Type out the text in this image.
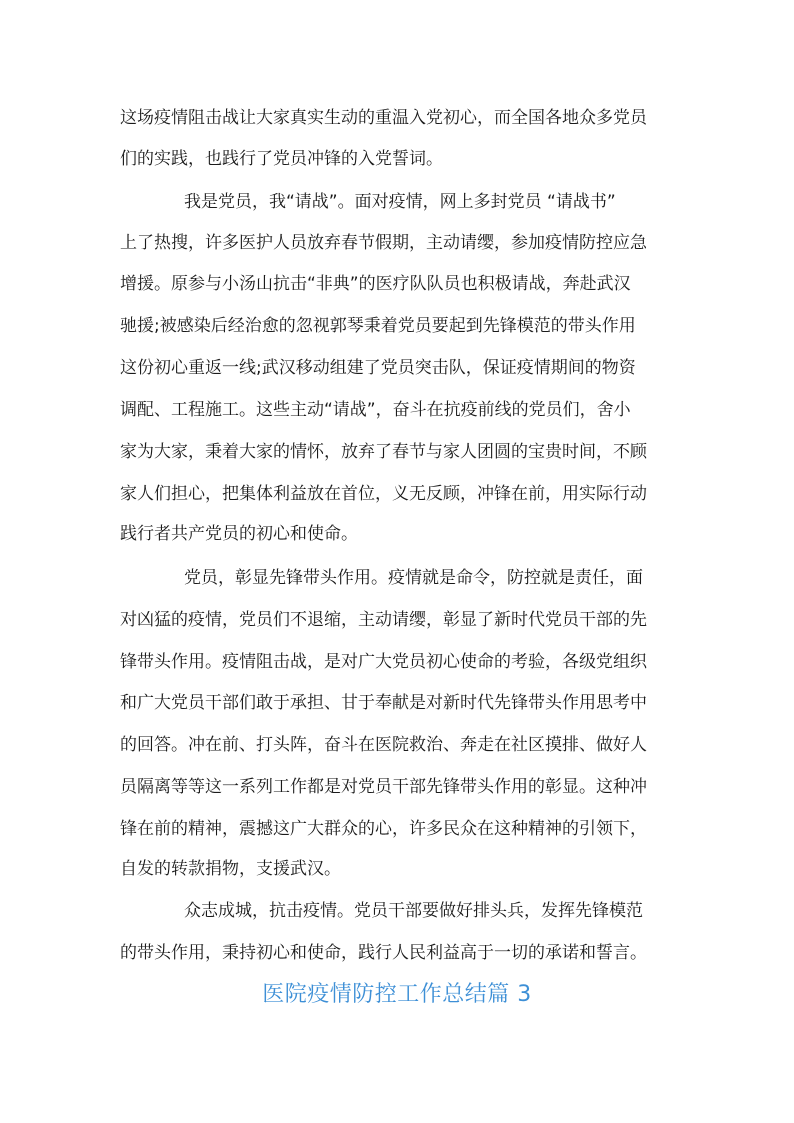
这场疫情阻击战让大家真实生动的重温入党初心，而全国各地众多党员
们的实践，也践行了党员冲锋的入党誓词。
我是党员，我“请战”。面对疫情，网上多封党员 “请战书”
上了热搜，许多医护人员放弃春节假期，主动请缨，参加疫情防控应急
增援。原参与小汤山抗击“非典”的医疗队队员也积极请战，奔赴武汉
驰援;被感染后经治愈的忽视郭琴秉着党员要起到先锋模范的带头作用
这份初心重返一线;武汉移动组建了党员突击队，保证疫情期间的物资
调配、工程施工。这些主动“请战”，奋斗在抗疫前线的党员们，舍小
家为大家，秉着大家的情怀，放弃了春节与家人团圆的宝贵时间，不顾
家人们担心，把集体利益放在首位，义无反顾，冲锋在前，用实际行动
践行者共产党员的初心和使命。
党员，彰显先锋带头作用。疫情就是命令，防控就是责任，面
对凶猛的疫情，党员们不退缩，主动请缨，彰显了新时代党员干部的先
锋带头作用。疫情阻击战，是对广大党员初心使命的考验，各级党组织
和广大党员干部们敢于承担、甘于奉献是对新时代先锋带头作用思考中
的回答。冲在前、打头阵，奋斗在医院救治、奔走在社区摸排、做好人
员隔离等等这一系列工作都是对党员干部先锋带头作用的彰显。这种冲
锋在前的精神，震撼这广大群众的心，许多民众在这种精神的引领下，
自发的转款捐物，支援武汉。
众志成城，抗击疫情。党员干部要做好排头兵，发挥先锋模范
的带头作用，秉持初心和使命，践行人民利益高于一切的承诺和誓言。
医院疫情防控工作总结篇 3
